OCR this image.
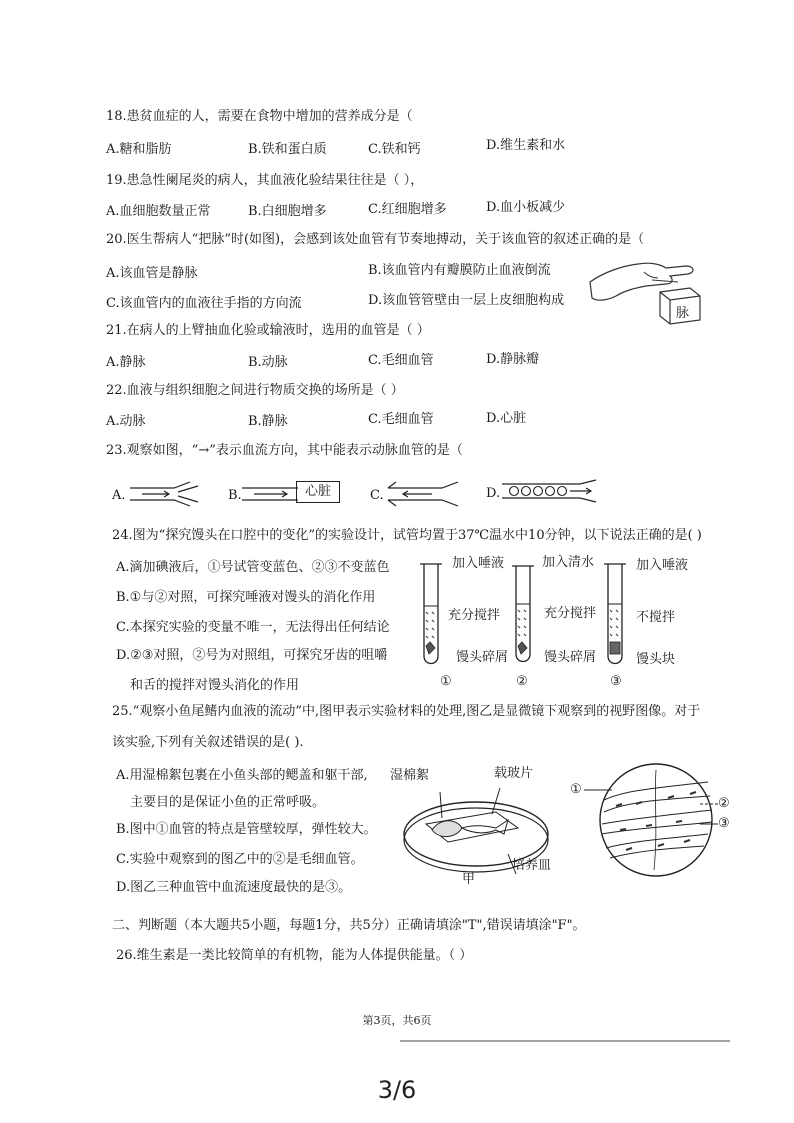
18.患贫血症的人，需要在食物中增加的营养成分是（
A.糖和脂肪	B.铁和蛋白质	C.铁和钙	D.维生素和水
19.患急性阑尾炎的病人，其血液化验结果往往是（ ），
A.血细胞数量正常	B.白细胞增多	C.红细胞增多	D.血小板减少
20.医生帮病人“把脉”时(如图)，会感到该处血管有节奏地搏动，关于该血管的叙述正确的是（
A.该血管是静脉	B.该血管内有瓣膜防止血液倒流
C.该血管内的血液往手指的方向流	D.该血管管壁由一层上皮细胞构成
脉
21.在病人的上臂抽血化验或输液时，选用的血管是（ ）
A.静脉	B.动脉	C.毛细血管	D.静脉瓣
22.血液与组织细胞之间进行物质交换的场所是（ ）
A.动脉	B.静脉	C.毛细血管	D.心脏
23.观察如图，“→”表示血流方向，其中能表示动脉血管的是（
A.	B.	心脏	C.	D.
24.图为“探究馒头在口腔中的变化”的实验设计，试管均置于37℃温水中10分钟，以下说法正确的是( )
A.滴加碘液后，①号试管变蓝色、②③不变蓝色
B.①与②对照，可探究唾液对馒头的消化作用
C.本探究实验的变量不唯一，无法得出任何结论
D.②③对照，②号为对照组，可探究牙齿的咀嚼
和舌的搅拌对馒头消化的作用
加入唾液	加入清水	加入唾液
充分搅拌	充分搅拌	不搅拌
馒头碎屑	馒头碎屑	馒头块
①	②	③
25.“观察小鱼尾鳍内血液的流动”中,图甲表示实验材料的处理,图乙是显微镜下观察到的视野图像。对于
该实验,下列有关叙述错误的是( ).
A.用湿棉絮包裹在小鱼头部的鳃盖和躯干部,
主要目的是保证小鱼的正常呼吸。
B.图中①血管的特点是管壁较厚，弹性较大。
C.实验中观察到的图乙中的②是毛细血管。
D.图乙三种血管中血流速度最快的是③。
湿棉絮	载玻片
培养皿
甲
①
②
③
二、判断题（本大题共5小题，每题1分，共5分）正确请填涂"T",错误请填涂"F"。
26.维生素是一类比较简单的有机物，能为人体提供能量。（ ）
第3页，共6页
3/6
